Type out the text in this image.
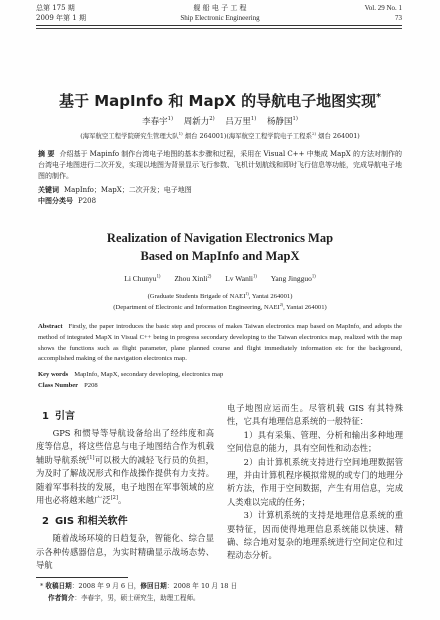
总第 175 期
2009 年第 1 期
舰 船 电 子 工 程
Ship Electronic Engineering
Vol. 29 No. 1
73
基于 MapInfo 和 MapX 的导航电子地图实现*
李春宇$^{1)}$ 周新力$^{2)}$ 吕万里$^{1)}$ 杨静国$^{1)}$
(海军航空工程学院研究生管理大队$^{1)}$ 烟台 264001)(海军航空工程学院电子工程系$^{2)}$ 烟台 264001)
摘 要 介绍基于 Mapinfo 制作台湾电子地图的基本步骤和过程，采用在 Visual C++ 中集成 MapX 的方法对制作的台湾电子地图进行二次开发，实现以地图为背景显示飞行参数、飞机计划航线和即时飞行信息等功能，完成导航电子地图的制作。
关键词 MapInfo；MapX；二次开发；电子地图
中图分类号 P208
Realization of Navigation Electronics Map
Based on MapInfo and MapX
Li Chunyu$^{1)}$ Zhou Xinli$^{2)}$ Lv Wanli$^{1)}$ Yang Jingguo$^{1)}$
(Graduate Students Brigade of NAEI$^{1)}$, Yantai 264001)
(Department of Electronic and Information Engineering, NAEI$^{2)}$, Yantai 264001)
Abstract Firstly, the paper introduces the basic step and process of makes Taiwan electronics map based on MapInfo, and adopts the method of integrated MapX in Visual C++ being in progress secondary developing to the Taiwan electronics map, realized with the map shows the functions such as flight parameter, plane planned course and flight immediately information etc for the background, accomplished making of the navigation electronics map.
Key words MapInfo, MapX, secondary developing, electronics map
Class Number P208
1 引言

GPS 和惯导等导航设备给出了经纬度和高度等信息，将这些信息与电子地图结合作为机载辅助导航系统[1]可以极大的减轻飞行员的负担，为及时了解战况形式和作战操作提供有力支持。随着军事科技的发展，电子地图在军事领域的应用也必将越来越广泛[2]。

2 GIS 和相关软件

随着战场环境的日趋复杂，智能化、综合显示各种传感器信息，为实时精确显示战场态势、导航

电子地图应运而生。尽管机载 GIS 有其特殊性，它具有地理信息系统的一般特征：

1）具有采集、管理、分析和输出多种地理空间信息的能力，具有空间性和动态性；

2）由计算机系统支持进行空间地理数据管理，并由计算机程序模拟常规的或专门的地理分析方法，作用于空间数据，产生有用信息，完成人类难以完成的任务；

3）计算机系统的支持是地理信息系统的重要特征，因而使得地理信息系统能以快速、精确、综合地对复杂的地理系统进行空间定位和过程动态分析。

* 收稿日期：2008 年 9 月 6 日，修回日期：2008 年 10 月 18 日
作者简介：李春宇，男，硕士研究生，助理工程师。
